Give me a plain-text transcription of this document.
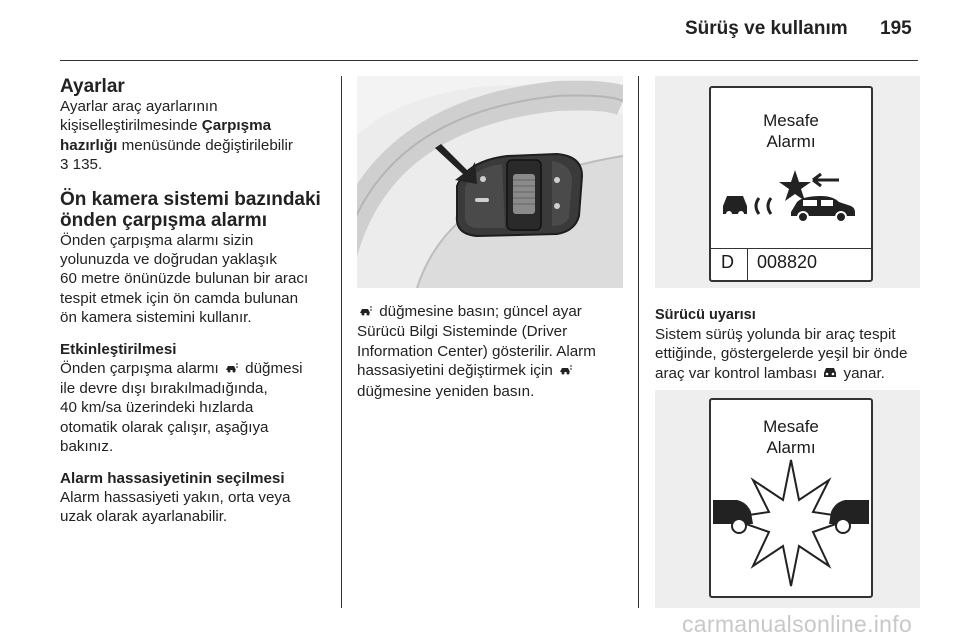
Sürüş ve kullanım 195
Ayarlar

Ayarlar araç ayarlarının
kişiselleştirilmesinde Çarpışma
hazırlığı menüsünde değiştirilebilir
3 135.

Ön kamera sistemi bazındaki
önden çarpışma alarmı

Önden çarpışma alarmı sizin
yolunuzda ve doğrudan yaklaşık
60 metre önünüzde bulunan bir aracı
tespit etmek için ön camda bulunan
ön kamera sistemini kullanır.

Etkinleştirilmesi

Önden çarpışma alarmı  düğmesi
ile devre dışı bırakılmadığında,
40 km/sa üzerindeki hızlarda
otomatik olarak çalışır, aşağıya
bakınız.

Alarm hassasiyetinin seçilmesi

Alarm hassasiyeti yakın, orta veya
uzak olarak ayarlanabilir.

düğmesine basın; güncel ayar
Sürücü Bilgi Sisteminde (Driver
Information Center) gösterilir. Alarm
hassasiyetini değiştirmek için
düğmesine yeniden basın.

Mesafe
Alarmı
D 008820
Sürücü uyarısı

Sistem sürüş yolunda bir araç tespit
ettiğinde, göstergelerde yeşil bir önde
araç var kontrol lambası  yanar.

Mesafe
Alarmı
carmanualsonline.info
